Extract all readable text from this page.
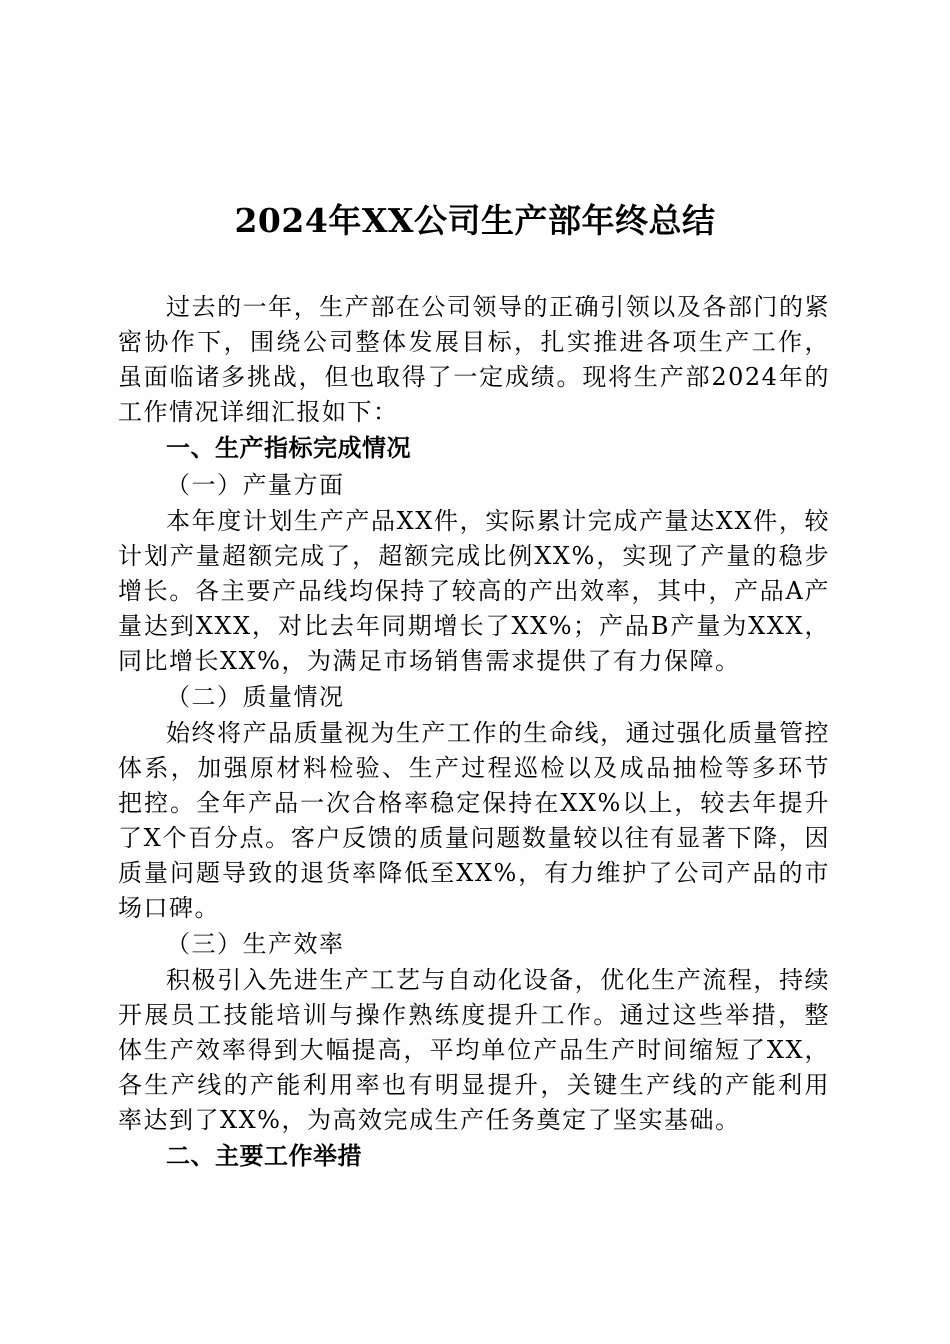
2024年XX公司生产部年终总结

过去的一年，生产部在公司领导的正确引领以及各部门的紧密协作下，围绕公司整体发展目标，扎实推进各项生产工作，虽面临诸多挑战，但也取得了一定成绩。现将生产部2024年的工作情况详细汇报如下：

一、生产指标完成情况

（一）产量方面

本年度计划生产产品XX件，实际累计完成产量达XX件，较计划产量超额完成了，超额完成比例XX%，实现了产量的稳步增长。各主要产品线均保持了较高的产出效率，其中，产品A产量达到XXX，对比去年同期增长了XX%；产品B产量为XXX，同比增长XX%，为满足市场销售需求提供了有力保障。

（二）质量情况

始终将产品质量视为生产工作的生命线，通过强化质量管控体系，加强原材料检验、生产过程巡检以及成品抽检等多环节把控。全年产品一次合格率稳定保持在XX%以上，较去年提升了X个百分点。客户反馈的质量问题数量较以往有显著下降，因质量问题导致的退货率降低至XX%，有力维护了公司产品的市场口碑。

（三）生产效率

积极引入先进生产工艺与自动化设备，优化生产流程，持续开展员工技能培训与操作熟练度提升工作。通过这些举措，整体生产效率得到大幅提高，平均单位产品生产时间缩短了XX，各生产线的产能利用率也有明显提升，关键生产线的产能利用率达到了XX%，为高效完成生产任务奠定了坚实基础。

二、主要工作举措
